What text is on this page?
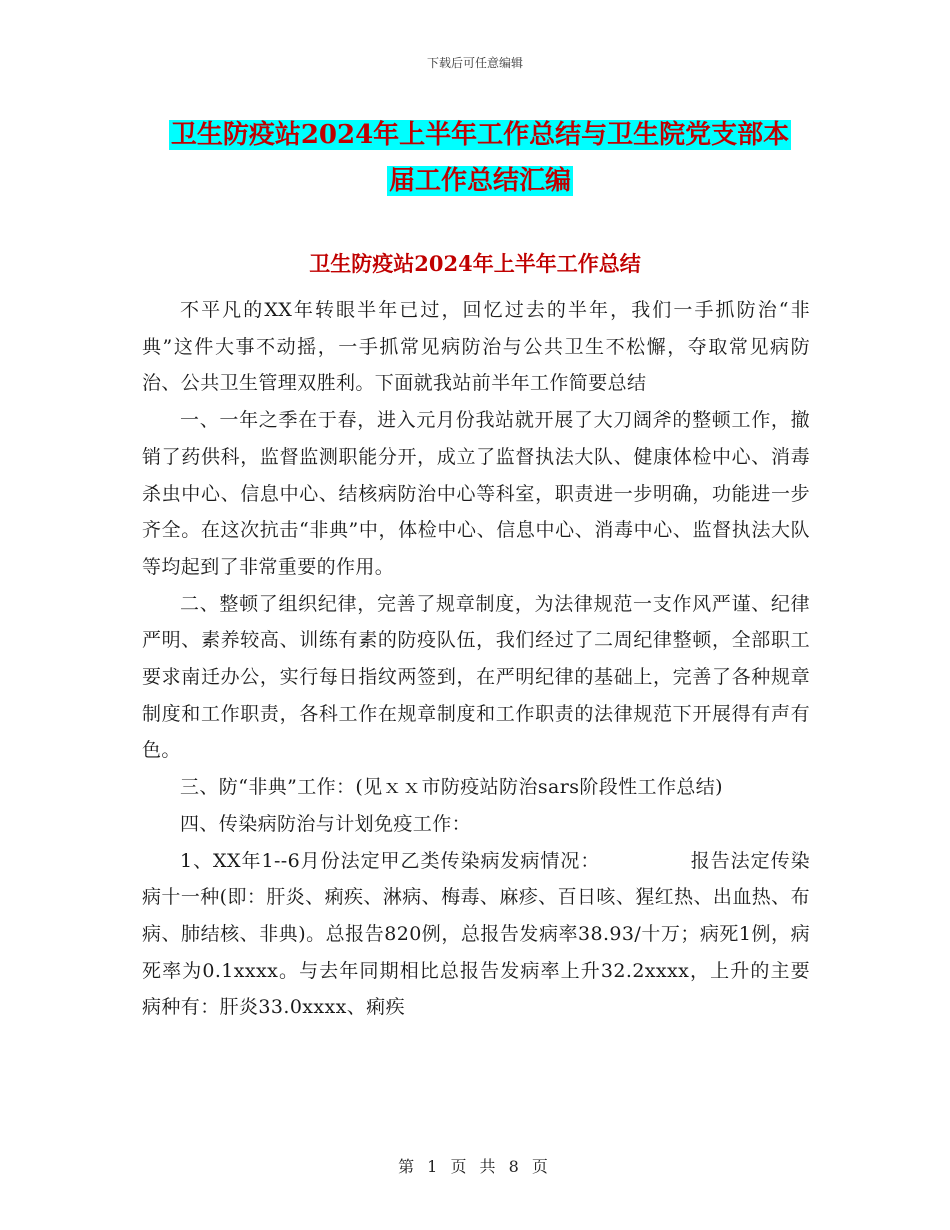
下载后可任意编辑
卫生防疫站2024年上半年工作总结与卫生院党支部本
届工作总结汇编
卫生防疫站2024年上半年工作总结

不平凡的XX年转眼半年已过，回忆过去的半年，我们一手抓防治“非典”这件大事不动摇，一手抓常见病防治与公共卫生不松懈，夺取常见病防治、公共卫生管理双胜利。下面就我站前半年工作简要总结

一、一年之季在于春，进入元月份我站就开展了大刀阔斧的整顿工作，撤销了药供科，监督监测职能分开，成立了监督执法大队、健康体检中心、消毒杀虫中心、信息中心、结核病防治中心等科室，职责进一步明确，功能进一步齐全。在这次抗击“非典”中，体检中心、信息中心、消毒中心、监督执法大队等均起到了非常重要的作用。

二、整顿了组织纪律，完善了规章制度，为法律规范一支作风严谨、纪律严明、素养较高、训练有素的防疫队伍，我们经过了二周纪律整顿，全部职工要求南迁办公，实行每日指纹两签到，在严明纪律的基础上，完善了各种规章制度和工作职责，各科工作在规章制度和工作职责的法律规范下开展得有声有色。

三、防“非典”工作：(见ｘｘ市防疫站防治sars阶段性工作总结)

四、传染病防治与计划免疫工作：

1、XX年1--6月份法定甲乙类传染病发病情况：　　　　　报告法定传染病十一种(即：肝炎、痢疾、淋病、梅毒、麻疹、百日咳、猩红热、出血热、布病、肺结核、非典)。总报告820例，总报告发病率38.93/十万；病死1例，病死率为0.1xxxx。与去年同期相比总报告发病率上升32.2xxxx，上升的主要病种有：肝炎33.0xxxx、痢疾

第 1 页 共 8 页
